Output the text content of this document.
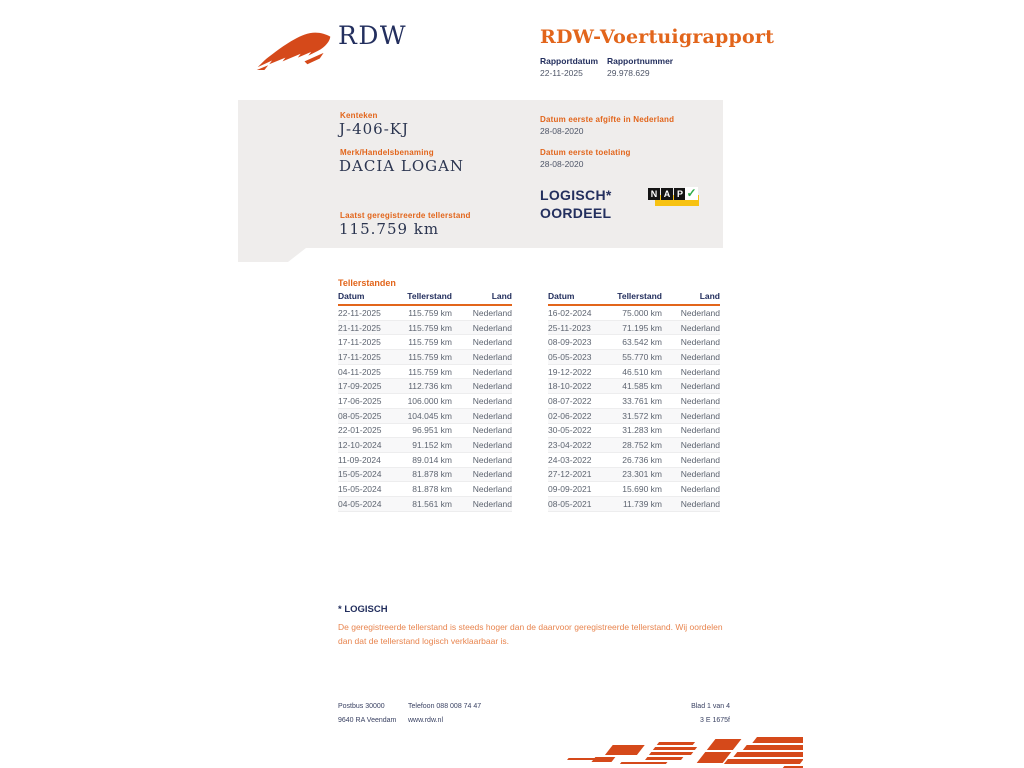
RDW	RDW-Voertuigrapport
Rapportdatum Rapportnummer
22-11-2025	29.978.629
Kenteken
J-406-KJ
Merk/Handelsbenaming
DACIA LOGAN
Laatst geregistreerde tellerstand
115.759 km
Datum eerste afgifte in Nederland
28-08-2020
Datum eerste toelating
28-08-2020
LOGISCH*
OORDEEL
N A P ✓
Tellerstanden
Datum	Tellerstand	Land
22-11-2025	115.759 km	Nederland
21-11-2025	115.759 km	Nederland
17-11-2025	115.759 km	Nederland
17-11-2025	115.759 km	Nederland
04-11-2025	115.759 km	Nederland
17-09-2025	112.736 km	Nederland
17-06-2025	106.000 km	Nederland
08-05-2025	104.045 km	Nederland
22-01-2025	96.951 km	Nederland
12-10-2024	91.152 km	Nederland
11-09-2024	89.014 km	Nederland
15-05-2024	81.878 km	Nederland
15-05-2024	81.878 km	Nederland
04-05-2024	81.561 km	Nederland
Datum	Tellerstand	Land
16-02-2024	75.000 km	Nederland
25-11-2023	71.195 km	Nederland
08-09-2023	63.542 km	Nederland
05-05-2023	55.770 km	Nederland
19-12-2022	46.510 km	Nederland
18-10-2022	41.585 km	Nederland
08-07-2022	33.761 km	Nederland
02-06-2022	31.572 km	Nederland
30-05-2022	31.283 km	Nederland
23-04-2022	28.752 km	Nederland
24-03-2022	26.736 km	Nederland
27-12-2021	23.301 km	Nederland
09-09-2021	15.690 km	Nederland
08-05-2021	11.739 km	Nederland
* LOGISCH
De geregistreerde tellerstand is steeds hoger dan de daarvoor geregistreerde tellerstand. Wij oordelen dan dat de tellerstand logisch verklaarbaar is.
Postbus 30000
9640 RA Veendam
Telefoon 088 008 74 47
www.rdw.nl
Blad 1 van 4
3 E 1675f
